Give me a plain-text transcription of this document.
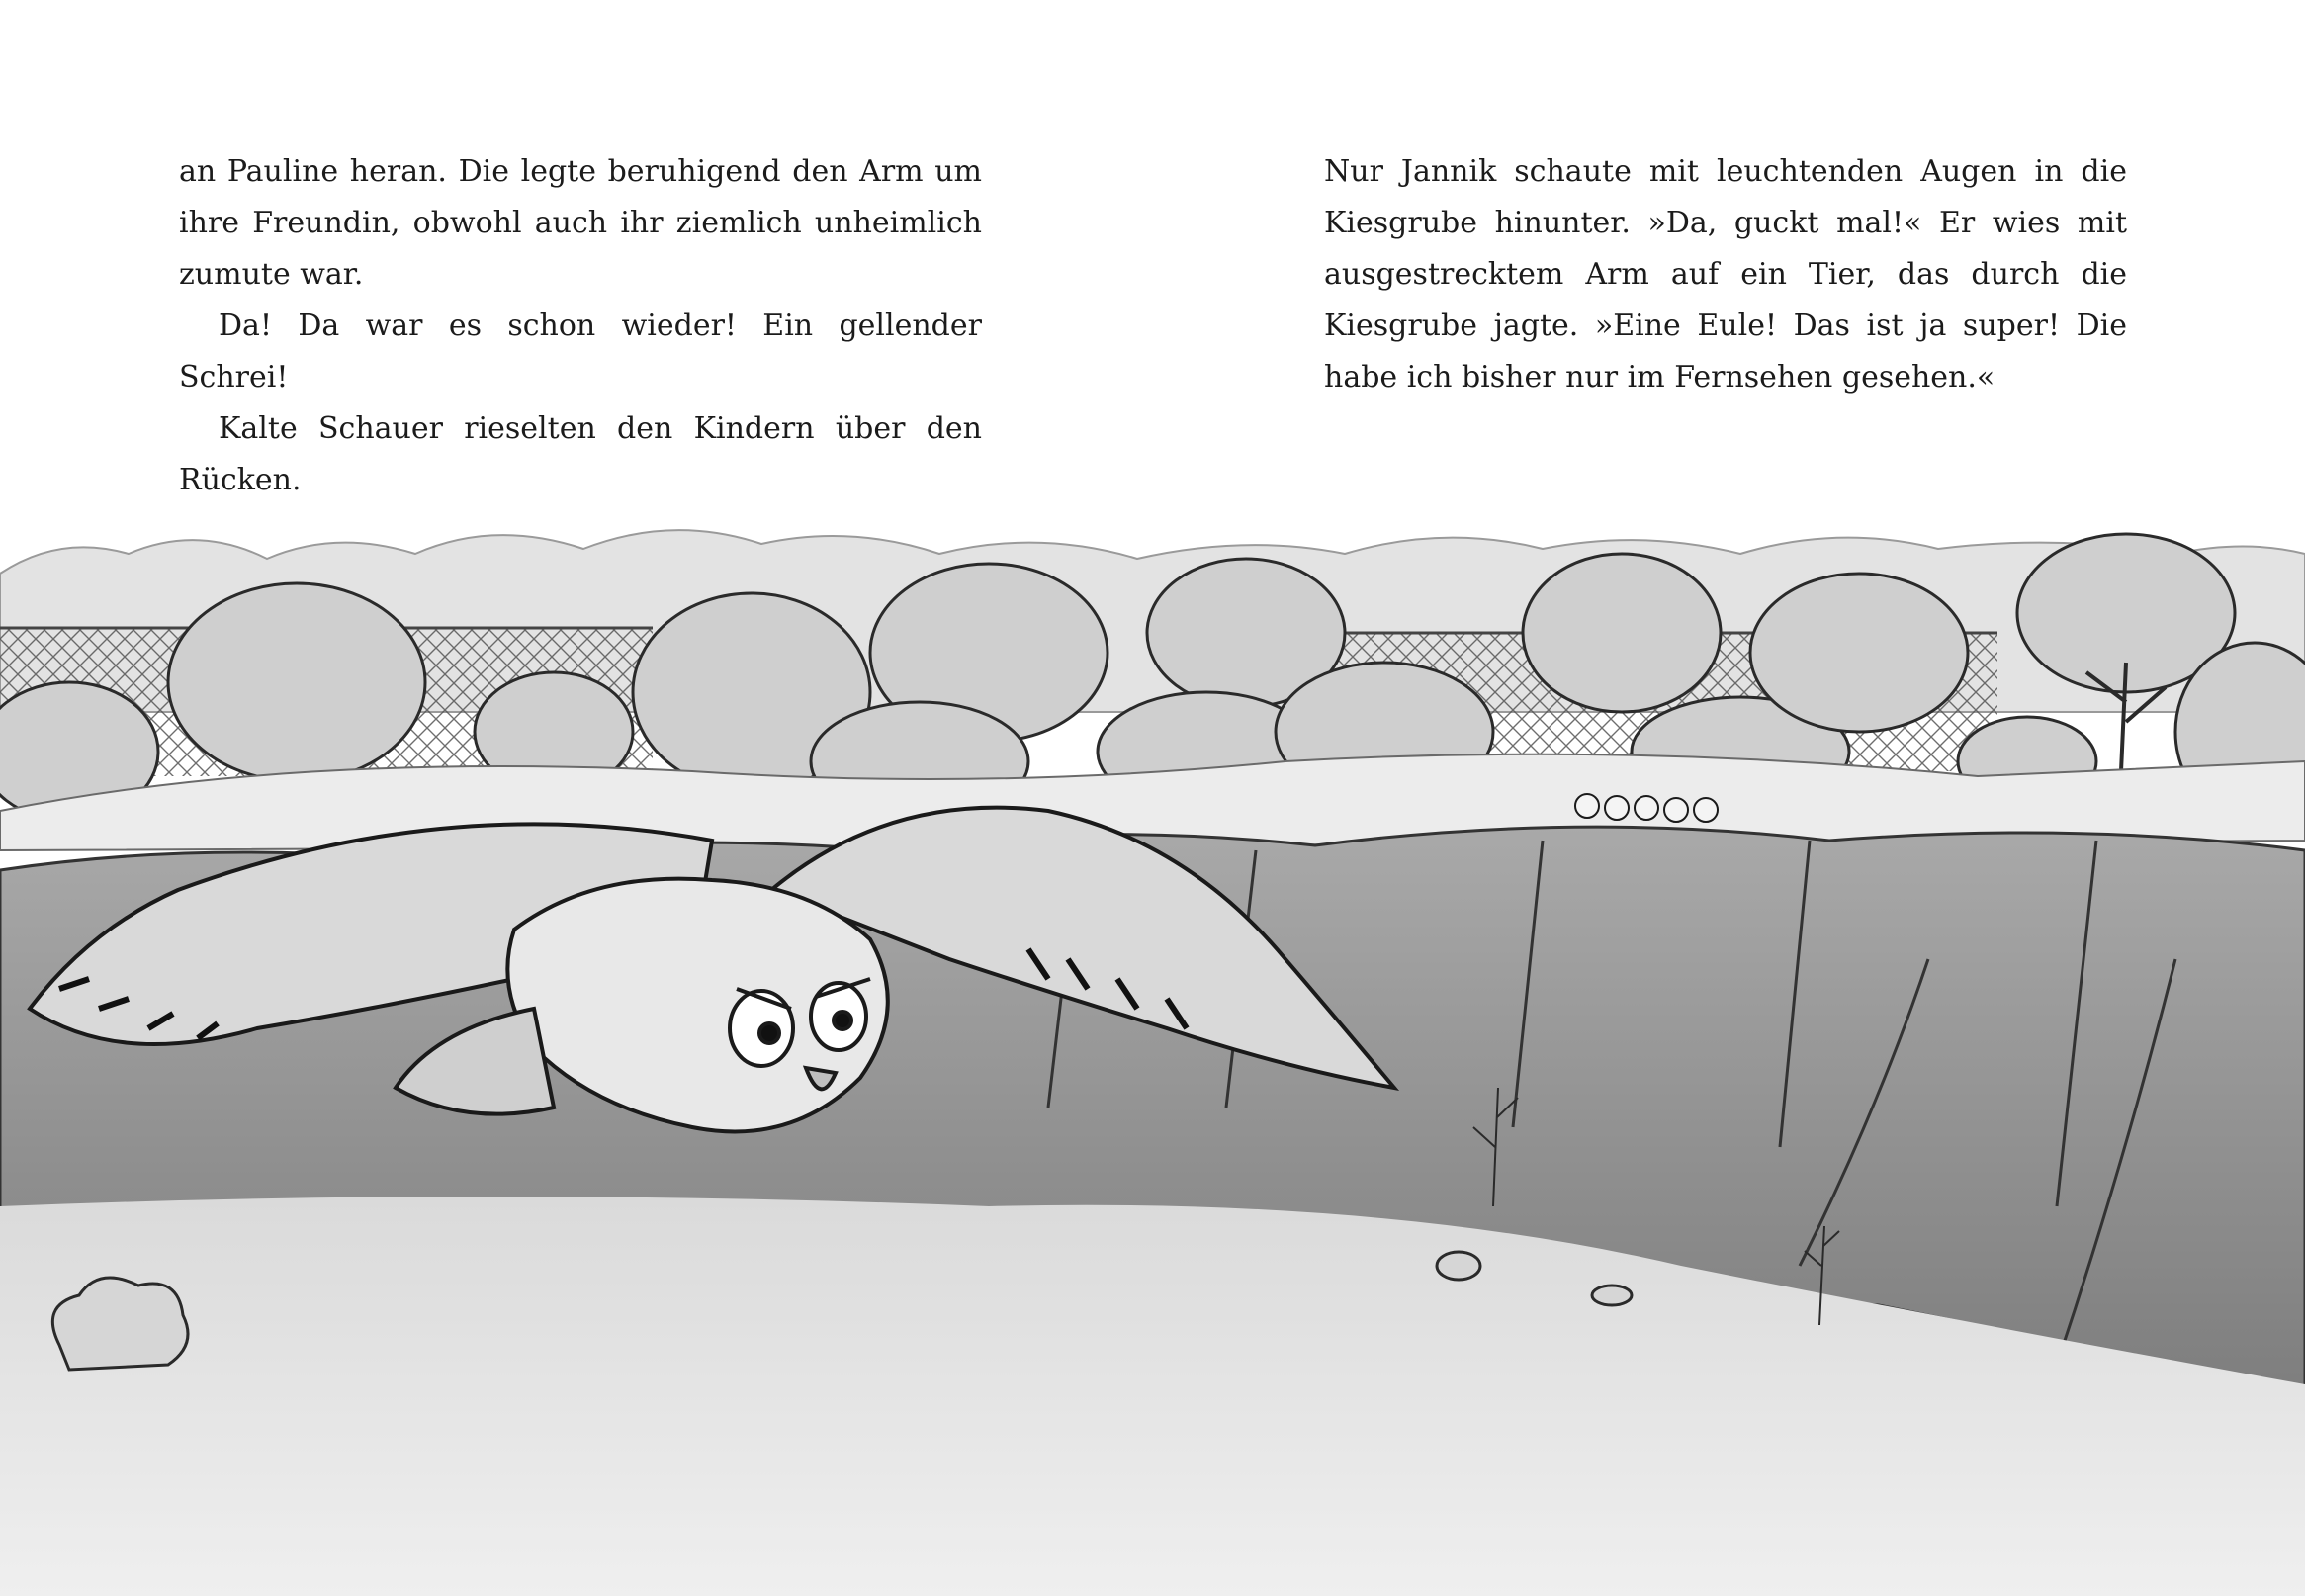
an Pauline heran. Die legte beruhigend den Arm um ihre Freundin, obwohl auch ihr ziemlich unheimlich zumute war.

Da! Da war es schon wieder! Ein gellender Schrei!

Kalte Schauer rieselten den Kindern über den Rücken.

Nur Jannik schaute mit leuchtenden Augen in die Kiesgrube hinunter. »Da, guckt mal!« Er wies mit ausgestrecktem Arm auf ein Tier, das durch die Kiesgrube jagte. »Eine Eule! Das ist ja super! Die habe ich bisher nur im Fernsehen gesehen.«
